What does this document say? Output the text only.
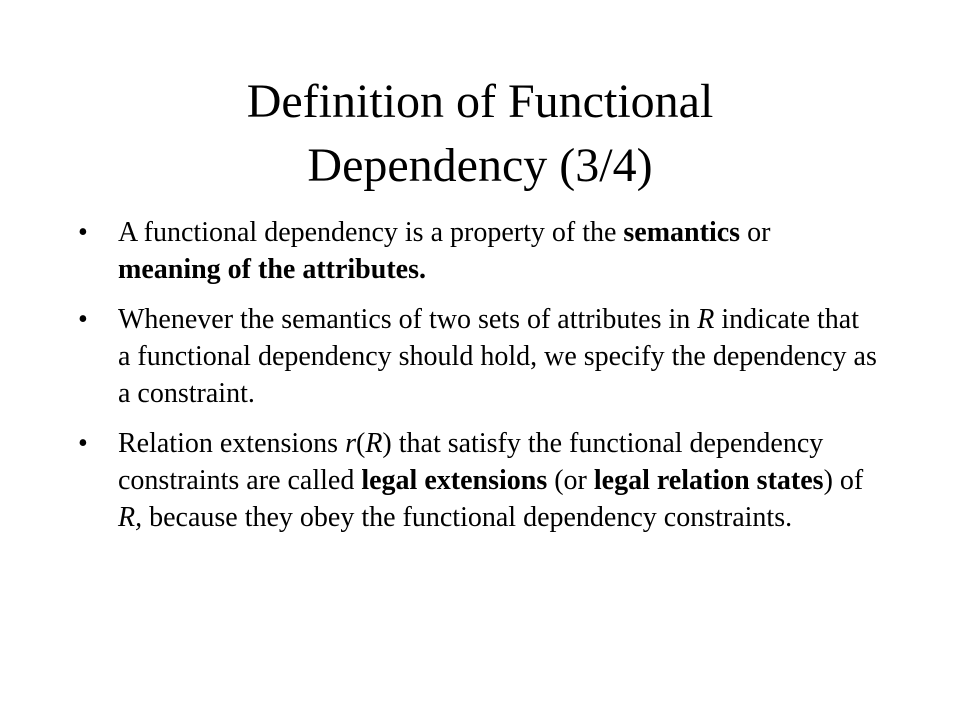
Definition of Functional
Dependency (3/4)
• A functional dependency is a property of the semantics or meaning of the attributes.
• Whenever the semantics of two sets of attributes in R indicate that a functional dependency should hold, we specify the dependency as a constraint.
• Relation extensions r(R) that satisfy the functional dependency constraints are called legal extensions (or legal relation states) of R, because they obey the functional dependency constraints.
